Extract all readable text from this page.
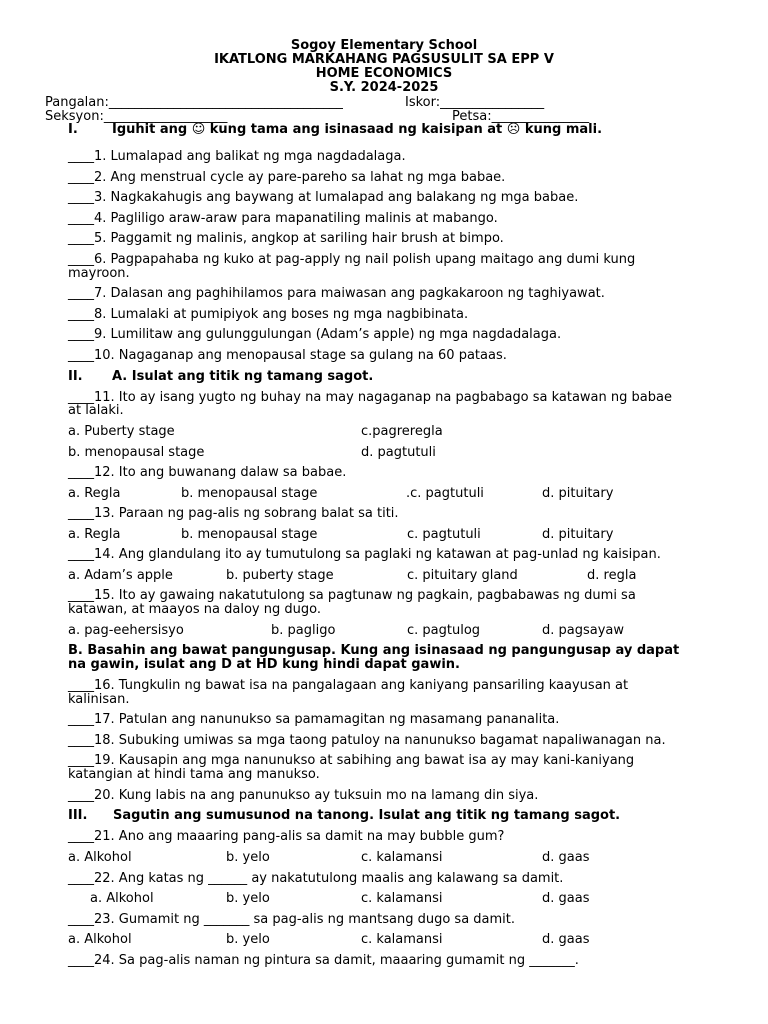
Sogoy Elementary School
IKATLONG MARKAHANG PAGSUSULIT SA EPP V
HOME ECONOMICS
S.Y. 2024-2025
Pangalan:____________________________________	Iskor:________________
Seksyon:___________________	Petsa:_______________
I.	Iguhit ang ☺ kung tama ang isinasaad ng kaisipan at ☹ kung mali.
____1. Lumalapad ang balikat ng mga nagdadalaga.
____2. Ang menstrual cycle ay pare-pareho sa lahat ng mga babae.
____3. Nagkakahugis ang baywang at lumalapad ang balakang ng mga babae.
____4. Pagliligo araw-araw para mapanatiling malinis at mabango.
____5. Paggamit ng malinis, angkop at sariling hair brush at bimpo.
____6. Pagpapahaba ng kuko at pag-apply ng nail polish upang maitago ang dumi kung
mayroon.
____7. Dalasan ang paghihilamos para maiwasan ang pagkakaroon ng taghiyawat.
____8. Lumalaki at pumipiyok ang boses ng mga nagbibinata.
____9. Lumilitaw ang gulunggulungan (Adam’s apple) ng mga nagdadalaga.
____10. Nagaganap ang menopausal stage sa gulang na 60 pataas.
II. A. Isulat ang titik ng tamang sagot.
____11. Ito ay isang yugto ng buhay na may nagaganap na pagbabago sa katawan ng babae
at lalaki.
a. Puberty stage	c.pagreregla
b. menopausal stage	d. pagtutuli
____12. Ito ang buwanang dalaw sa babae.
a. Regla	b. menopausal stage	.c. pagtutuli	d. pituitary
____13. Paraan ng pag-alis ng sobrang balat sa titi.
a. Regla	b. menopausal stage	c. pagtutuli	d. pituitary
____14. Ang glandulang ito ay tumutulong sa paglaki ng katawan at pag-unlad ng kaisipan.
a. Adam’s apple	b. puberty stage	c. pituitary gland	d. regla
____15. Ito ay gawaing nakatutulong sa pagtunaw ng pagkain, pagbabawas ng dumi sa
katawan, at maayos na daloy ng dugo.
a. pag-eehersisyo	b. pagligo	c. pagtulog	d. pagsayaw
B. Basahin ang bawat pangungusap. Kung ang isinasaad ng pangungusap ay dapat
na gawin, isulat ang D at HD kung hindi dapat gawin.
____16. Tungkulin ng bawat isa na pangalagaan ang kaniyang pansariling kaayusan at
kalinisan.
____17. Patulan ang nanunukso sa pamamagitan ng masamang pananalita.
____18. Subuking umiwas sa mga taong patuloy na nanunukso bagamat napaliwanagan na.
____19. Kausapin ang mga nanunukso at sabihing ang bawat isa ay may kani-kaniyang
katangian at hindi tama ang manukso.
____20. Kung labis na ang panunukso ay tuksuin mo na lamang din siya.
III. Sagutin ang sumusunod na tanong. Isulat ang titik ng tamang sagot.
____21. Ano ang maaaring pang-alis sa damit na may bubble gum?
a. Alkohol	b. yelo	c. kalamansi	d. gaas
____22. Ang katas ng ______ ay nakatutulong maalis ang kalawang sa damit.
a. Alkohol	b. yelo	c. kalamansi	d. gaas
____23. Gumamit ng _______ sa pag-alis ng mantsang dugo sa damit.
a. Alkohol	b. yelo	c. kalamansi	d. gaas
____24. Sa pag-alis naman ng pintura sa damit, maaaring gumamit ng _______.
